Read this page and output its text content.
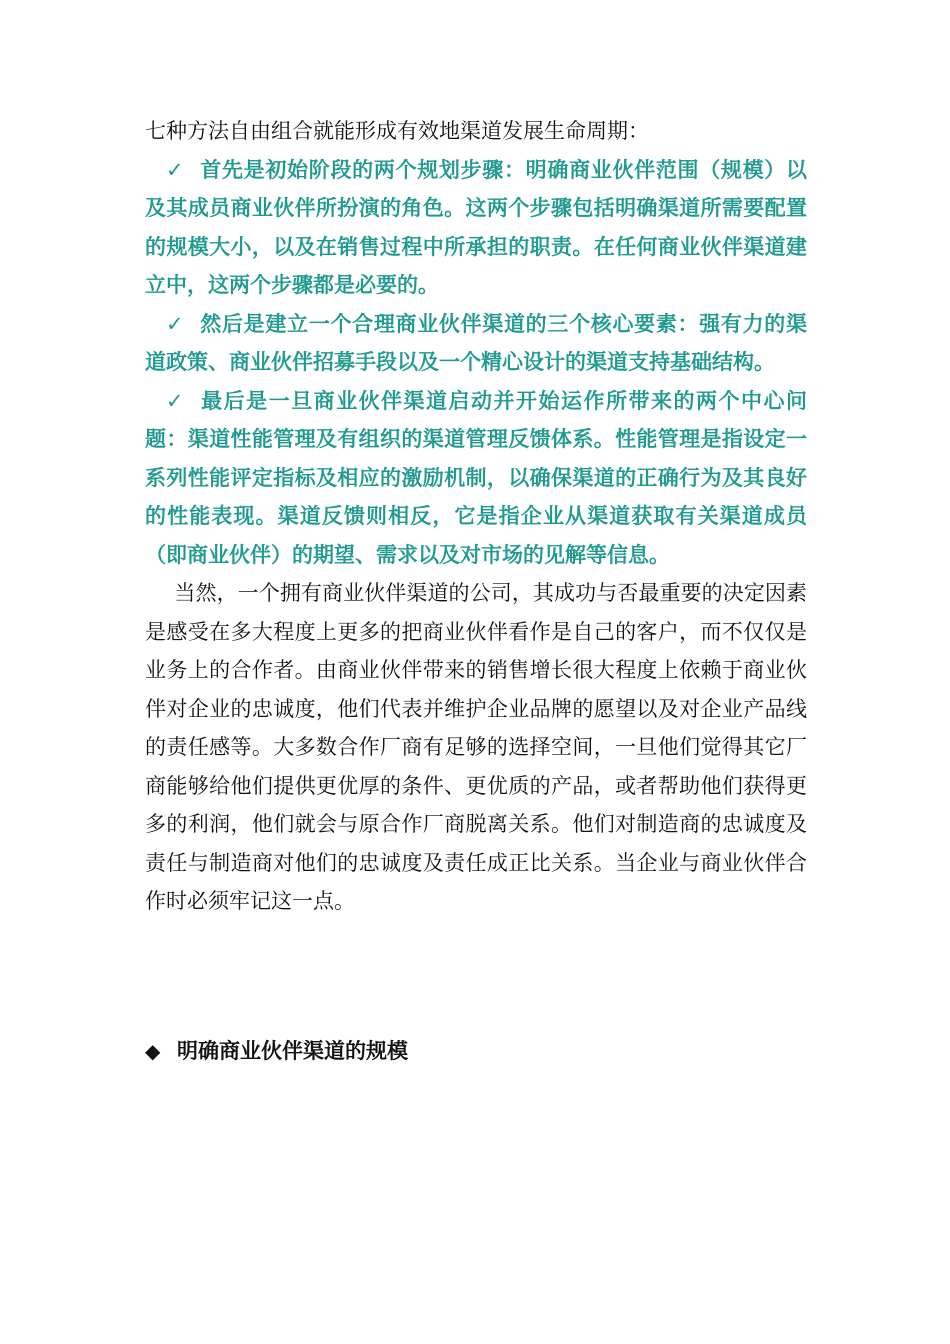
七种方法自由组合就能形成有效地渠道发展生命周期：

✓ 首先是初始阶段的两个规划步骤：明确商业伙伴范围（规模）以及其成员商业伙伴所扮演的角色。这两个步骤包括明确渠道所需要配置的规模大小，以及在销售过程中所承担的职责。在任何商业伙伴渠道建立中，这两个步骤都是必要的。

✓ 然后是建立一个合理商业伙伴渠道的三个核心要素：强有力的渠道政策、商业伙伴招募手段以及一个精心设计的渠道支持基础结构。

✓ 最后是一旦商业伙伴渠道启动并开始运作所带来的两个中心问题：渠道性能管理及有组织的渠道管理反馈体系。性能管理是指设定一系列性能评定指标及相应的激励机制，以确保渠道的正确行为及其良好的性能表现。渠道反馈则相反，它是指企业从渠道获取有关渠道成员（即商业伙伴）的期望、需求以及对市场的见解等信息。

当然，一个拥有商业伙伴渠道的公司，其成功与否最重要的决定因素是感受在多大程度上更多的把商业伙伴看作是自己的客户，而不仅仅是业务上的合作者。由商业伙伴带来的销售增长很大程度上依赖于商业伙伴对企业的忠诚度，他们代表并维护企业品牌的愿望以及对企业产品线的责任感等。大多数合作厂商有足够的选择空间，一旦他们觉得其它厂商能够给他们提供更优厚的条件、更优质的产品，或者帮助他们获得更多的利润，他们就会与原合作厂商脱离关系。他们对制造商的忠诚度及责任与制造商对他们的忠诚度及责任成正比关系。当企业与商业伙伴合作时必须牢记这一点。

◆ 明确商业伙伴渠道的规模
